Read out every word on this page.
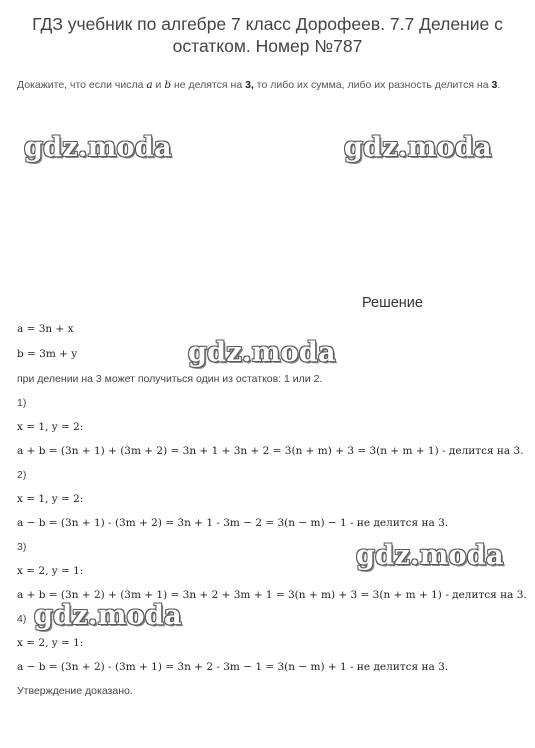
ГДЗ учебник по алгебре 7 класс Дорофеев. 7.7 Деление с остатком. Номер №787
Докажите, что если числа a и b не делятся на 3, то либо их сумма, либо их разность делится на 3.
gdz.moda	gdz.moda
Решение
a = 3n + x
b = 3m + y
при делении на 3 может получиться один из остатков: 1 или 2.
1)
x = 1, y = 2:
a + b = (3n + 1) + (3m + 2) = 3n + 1 + 3n + 2 = 3(n + m) + 3 = 3(n + m + 1) - делится на 3.
2)
x = 1, y = 2:
a − b = (3n + 1) - (3m + 2) = 3n + 1 - 3m − 2 = 3(n − m) − 1 - не делится на 3.
3)
x = 2, y = 1:
a + b = (3n + 2) + (3m + 1) = 3n + 2 + 3m + 1 = 3(n + m) + 3 = 3(n + m + 1) - делится на 3.
4)
x = 2, y = 1:
a − b = (3n + 2) - (3m + 1) = 3n + 2 - 3m − 1 = 3(n − m) + 1 - не делится на 3.
Утверждение доказано.
gdz.moda
gdz.moda
gdz.moda
